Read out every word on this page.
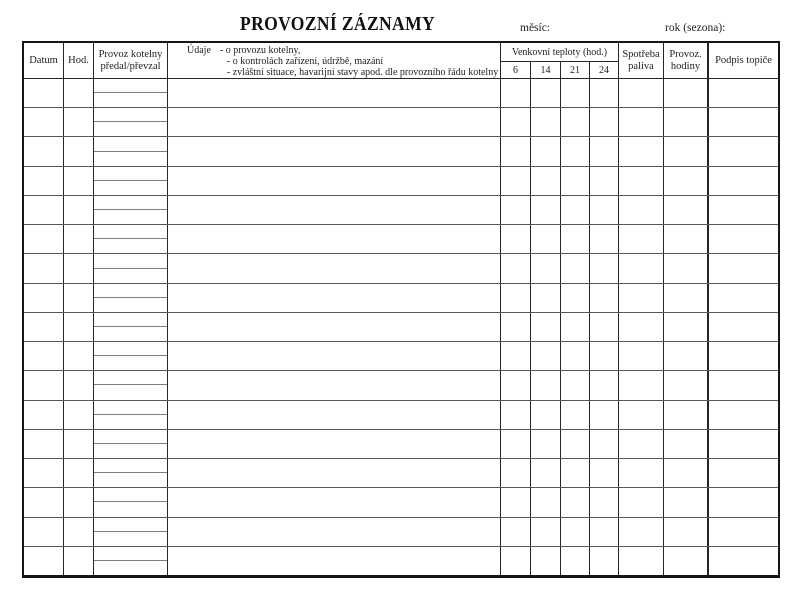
PROVOZNÍ ZÁZNAMY	měsíc:	rok (sezona):
Datum Hod.
Provoz kotelny
předal/převzal
Údaje - o provozu kotelny,
- o kontrolách zařízení, údržbě, mazání
- zvláštní situace, havarijní stavy apod. dle provozního řádu kotelny
Venkovní teploty (hod.)
6 14 21 24
Spotřeba
paliva
Provoz.
hodiny
Podpis topiče
